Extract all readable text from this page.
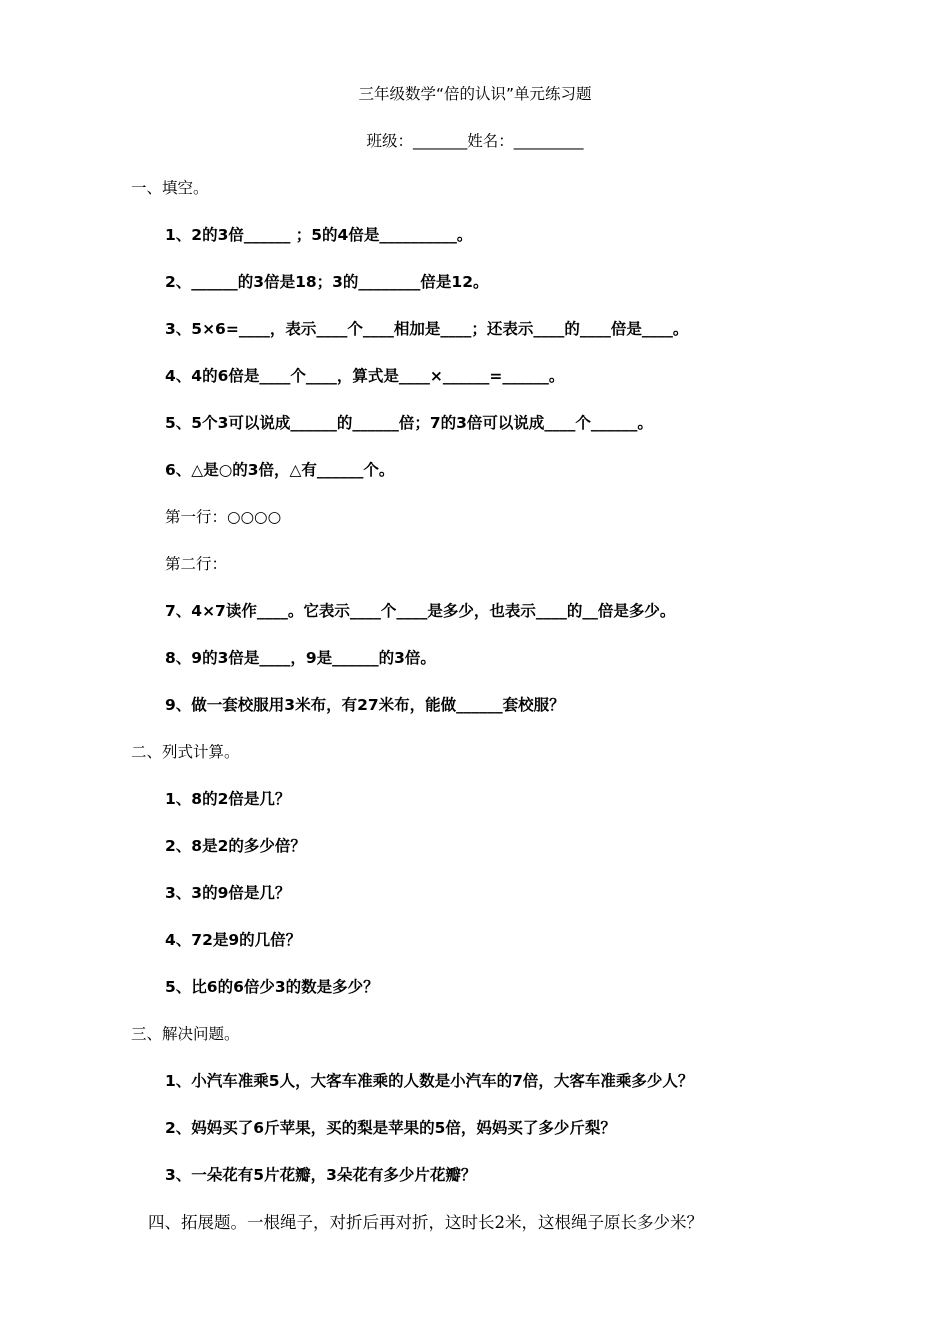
三年级数学“倍的认识”单元练习题
班级：_______姓名：_________
一、填空。
1、2的3倍______ ；5的4倍是__________。
2、______的3倍是18；3的________倍是12。
3、5×6=____，表示____个____相加是____；还表示____的____倍是____。
4、4的6倍是____个____，算式是____×______=______。
5、5个3可以说成______的______倍；7的3倍可以说成____个______。
6、△是○的3倍，△有______个。
第一行：○○○○
第二行：
7、4×7读作____。它表示____个____是多少，也表示____的__倍是多少。
8、9的3倍是____，9是______的3倍。
9、做一套校服用3米布，有27米布，能做______套校服？
二、列式计算。
1、8的2倍是几？
2、8是2的多少倍？
3、3的9倍是几？
4、72是9的几倍？
5、比6的6倍少3的数是多少？
三、解决问题。
1、小汽车准乘5人，大客车准乘的人数是小汽车的7倍，大客车准乘多少人？
2、妈妈买了6斤苹果，买的梨是苹果的5倍，妈妈买了多少斤梨？
3、一朵花有5片花瓣，3朵花有多少片花瓣？
四、拓展题。一根绳子，对折后再对折，这时长2米，这根绳子原长多少米？
